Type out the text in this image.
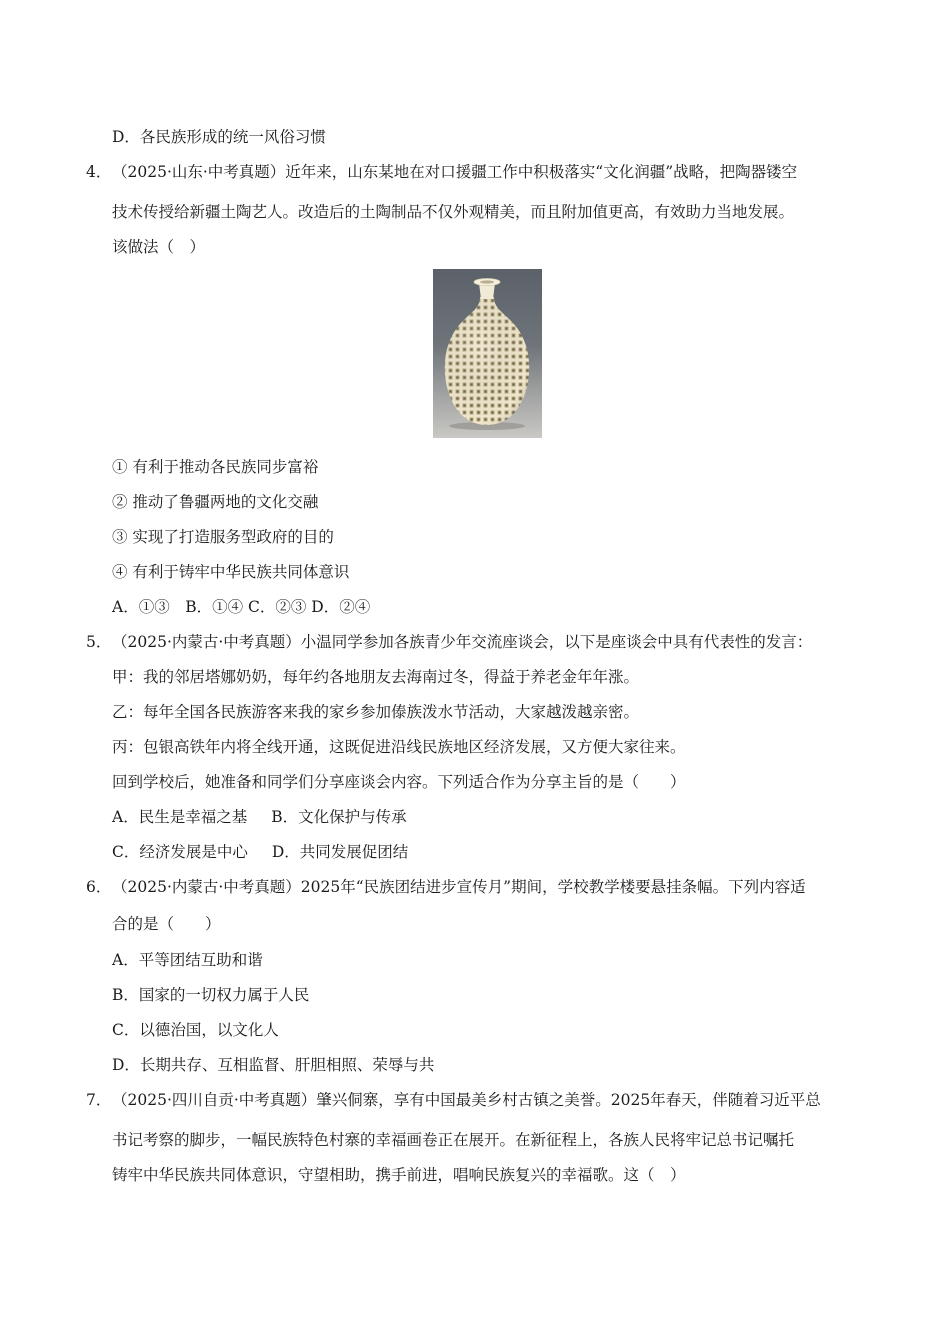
D．各民族形成的统一风俗习惯
4． （2025·山东·中考真题）近年来，山东某地在对口援疆工作中积极落实“文化润疆”战略，把陶器镂空
技术传授给新疆土陶艺人。改造后的土陶制品不仅外观精美，而且附加值更高，有效助力当地发展。
该做法（　）
① 有利于推动各民族同步富裕
② 推动了鲁疆两地的文化交融
③ 实现了打造服务型政府的目的
④ 有利于铸牢中华民族共同体意识
A．①③　B．①④ C．②③ D．②④
5． （2025·内蒙古·中考真题）小温同学参加各族青少年交流座谈会，以下是座谈会中具有代表性的发言：
甲：我的邻居塔娜奶奶，每年约各地朋友去海南过冬，得益于养老金年年涨。
乙：每年全国各民族游客来我的家乡参加傣族泼水节活动，大家越泼越亲密。
丙：包银高铁年内将全线开通，这既促进沿线民族地区经济发展，又方便大家往来。
回到学校后，她准备和同学们分享座谈会内容。下列适合作为分享主旨的是（　　）
A．民生是幸福之基 B．文化保护与传承
C．经济发展是中心 D．共同发展促团结
6． （2025·内蒙古·中考真题）2025年“民族团结进步宣传月”期间，学校教学楼要悬挂条幅。下列内容适
合的是（　　）
A．平等团结互助和谐
B．国家的一切权力属于人民
C．以德治国，以文化人
D．长期共存、互相监督、肝胆相照、荣辱与共
7． （2025·四川自贡·中考真题）肇兴侗寨，享有中国最美乡村古镇之美誉。2025年春天，伴随着习近平总
书记考察的脚步，一幅民族特色村寨的幸福画卷正在展开。在新征程上，各族人民将牢记总书记嘱托
铸牢中华民族共同体意识，守望相助，携手前进，唱响民族复兴的幸福歌。这（　）
